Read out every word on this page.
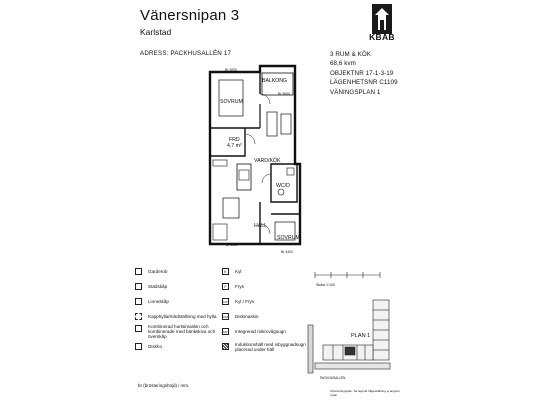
Vänersnipan 3
Karlstad
ADRESS: PACKHUSALLÉN 17	3 RUM & KÖK
68,6 kvm
OBJEKTNR 17-1-3-19
LÄGENHETSNR C1109
VÄNINGSPLAN 1
KBAB
BALKONG
SOVRUM
FRD
4,7 m²
VARD/KÖK
WC/D
HALL
SOVRUM
Br 3000
Br 3000
Br 3000
Br 4400
Garderob
Städskåp
Linneskåp
Kapphylla/Klädställning med hylla
Kombinerad hurtsimaskin och kombinerade med bänkskiva och överskåp
Diskho
K	Kyl
F	Frys
K/F Kyl / Frys
DM Diskmaskin
MV Integrerad mikrovågsugn
Induktionshäll med inbyggnadsugn placerad under häll
Skala 1:100
PLAN 1
PACKHUSALLÉN
Orienteringsplan. Se legend frågeställning ej angivet i plan.
br (brösteringshöjd) i mm.
